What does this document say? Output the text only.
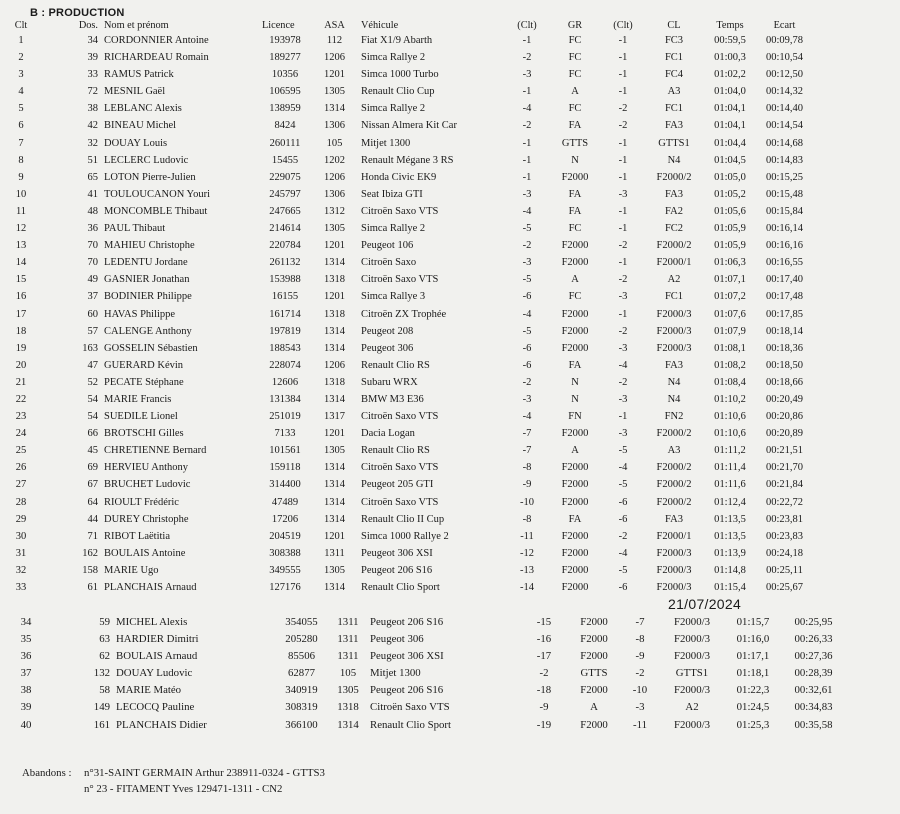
B : PRODUCTION
Clt	Dos.	Nom et prénom	Licence	ASA	Véhicule	(Clt)	GR	(Clt)	CL	Temps	Ecart	
1	34	CORDONNIER Antoine	193978	112	Fiat X1/9 Abarth	-1	FC	-1	FC3	00:59,5	00:09,78	
2	39	RICHARDEAU Romain	189277	1206	Simca Rallye 2	-2	FC	-1	FC1	01:00,3	00:10,54	
3	33	RAMUS Patrick	10356	1201	Simca 1000 Turbo	-3	FC	-1	FC4	01:02,2	00:12,50	
4	72	MESNIL Gaël	106595	1305	Renault Clio Cup	-1	A	-1	A3	01:04,0	00:14,32	
5	38	LEBLANC Alexis	138959	1314	Simca Rallye 2	-4	FC	-2	FC1	01:04,1	00:14,40	
6	42	BINEAU Michel	8424	1306	Nissan Almera Kit Car	-2	FA	-2	FA3	01:04,1	00:14,54	
7	32	DOUAY Louis	260111	105	Mitjet 1300	-1	GTTS	-1	GTTS1	01:04,4	00:14,68	
8	51	LECLERC Ludovic	15455	1202	Renault Mégane 3 RS	-1	N	-1	N4	01:04,5	00:14,83	
9	65	LOTON Pierre-Julien	229075	1206	Honda Civic EK9	-1	F2000	-1	F2000/2	01:05,0	00:15,25	
10	41	TOULOUCANON Youri	245797	1306	Seat Ibiza GTI	-3	FA	-3	FA3	01:05,2	00:15,48	
11	48	MONCOMBLE Thibaut	247665	1312	Citroën Saxo VTS	-4	FA	-1	FA2	01:05,6	00:15,84	
12	36	PAUL Thibaut	214614	1305	Simca Rallye 2	-5	FC	-1	FC2	01:05,9	00:16,14	
13	70	MAHIEU Christophe	220784	1201	Peugeot 106	-2	F2000	-2	F2000/2	01:05,9	00:16,16	
14	70	LEDENTU Jordane	261132	1314	Citroën Saxo	-3	F2000	-1	F2000/1	01:06,3	00:16,55	
15	49	GASNIER Jonathan	153988	1318	Citroën Saxo VTS	-5	A	-2	A2	01:07,1	00:17,40	
16	37	BODINIER Philippe	16155	1201	Simca Rallye 3	-6	FC	-3	FC1	01:07,2	00:17,48	
17	60	HAVAS Philippe	161714	1318	Citroën ZX Trophée	-4	F2000	-1	F2000/3	01:07,6	00:17,85	
18	57	CALENGE Anthony	197819	1314	Peugeot 208	-5	F2000	-2	F2000/3	01:07,9	00:18,14	
19	163	GOSSELIN Sébastien	188543	1314	Peugeot 306	-6	F2000	-3	F2000/3	01:08,1	00:18,36	
20	47	GUERARD Kévin	228074	1206	Renault Clio RS	-6	FA	-4	FA3	01:08,2	00:18,50	
21	52	PECATE Stéphane	12606	1318	Subaru WRX	-2	N	-2	N4	01:08,4	00:18,66	
22	54	MARIE Francis	131384	1314	BMW M3 E36	-3	N	-3	N4	01:10,2	00:20,49	
23	54	SUEDILE Lionel	251019	1317	Citroën Saxo VTS	-4	FN	-1	FN2	01:10,6	00:20,86	
24	66	BROTSCHI Gilles	7133	1201	Dacia Logan	-7	F2000	-3	F2000/2	01:10,6	00:20,89	
25	45	CHRETIENNE Bernard	101561	1305	Renault Clio RS	-7	A	-5	A3	01:11,2	00:21,51	
26	69	HERVIEU Anthony	159118	1314	Citroën Saxo VTS	-8	F2000	-4	F2000/2	01:11,4	00:21,70	
27	67	BRUCHET Ludovic	314400	1314	Peugeot 205 GTI	-9	F2000	-5	F2000/2	01:11,6	00:21,84	
28	64	RIOULT Frédéric	47489	1314	Citroën Saxo VTS	-10	F2000	-6	F2000/2	01:12,4	00:22,72	
29	44	DUREY Christophe	17206	1314	Renault Clio II Cup	-8	FA	-6	FA3	01:13,5	00:23,81	
30	71	RIBOT Laëtitia	204519	1201	Simca 1000 Rallye 2	-11	F2000	-2	F2000/1	01:13,5	00:23,83	
31	162	BOULAIS Antoine	308388	1311	Peugeot 306 XSI	-12	F2000	-4	F2000/3	01:13,9	00:24,18	
32	158	MARIE Ugo	349555	1305	Peugeot 206 S16	-13	F2000	-5	F2000/3	01:14,8	00:25,11	
33	61	PLANCHAIS Arnaud	127176	1314	Renault Clio Sport	-14	F2000	-6	F2000/3	01:15,4	00:25,67	
21/07/2024
34	59	MICHEL Alexis	354055	1311	Peugeot 206 S16	-15	F2000	-7	F2000/3	01:15,7	00:25,95	
35	63	HARDIER Dimitri	205280	1311	Peugeot 306	-16	F2000	-8	F2000/3	01:16,0	00:26,33	
36	62	BOULAIS Arnaud	85506	1311	Peugeot 306 XSI	-17	F2000	-9	F2000/3	01:17,1	00:27,36	
37	132	DOUAY Ludovic	62877	105	Mitjet 1300	-2	GTTS	-2	GTTS1	01:18,1	00:28,39	
38	58	MARIE Matéo	340919	1305	Peugeot 206 S16	-18	F2000	-10	F2000/3	01:22,3	00:32,61	
39	149	LECOCQ Pauline	308319	1318	Citroën Saxo VTS	-9	A	-3	A2	01:24,5	00:34,83	
40	161	PLANCHAIS Didier	366100	1314	Renault Clio Sport	-19	F2000	-11	F2000/3	01:25,3	00:35,58	
Abandons : n°31-SAINT GERMAIN Arthur 238911-0324 - GTTS3
n° 23 - FITAMENT Yves 129471-1311 - CN2
